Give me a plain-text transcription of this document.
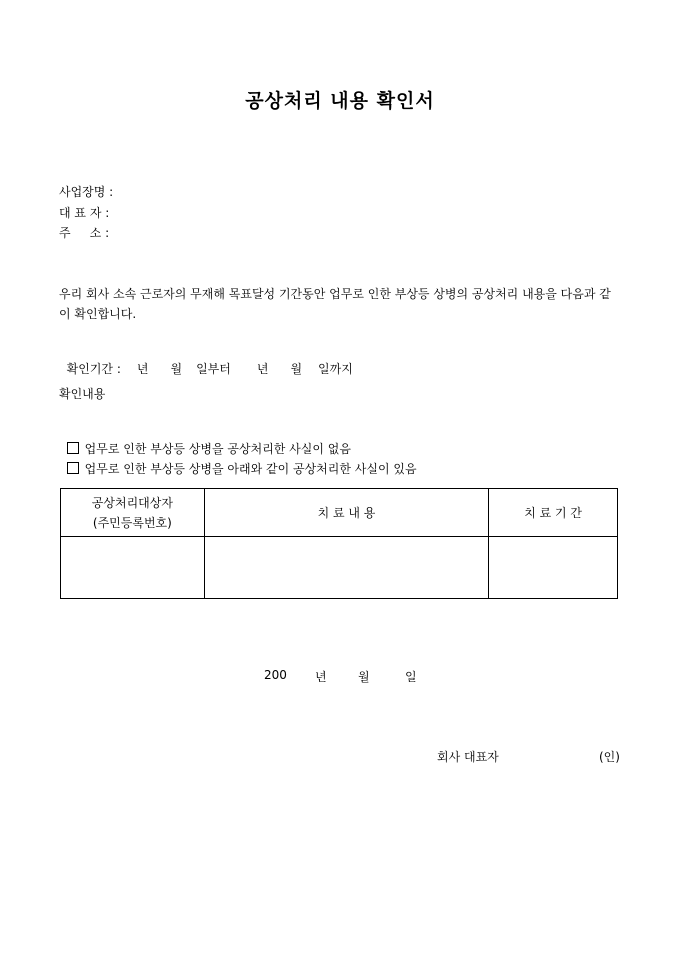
공상처리 내용 확인서
사업장명 :
대 표 자 :
주     소 :
우리 회사 소속 근로자의 무재해 목표달성 기간동안 업무로 인한 부상등 상병의 공상처리 내용을 다음과 같이 확인합니다.

확인기간 : 년 월 일부터 년 월 일까지

확인내용

업무로 인한 부상등 상병을 공상처리한 사실이 없음

업무로 인한 부상등 상병을 아래와 같이 공상처리한 사실이 있음

공상처리대상자
(주민등록번호)	치 료 내 용	치 료 기 간

200 년	월	일
회사 대표자	(인)
